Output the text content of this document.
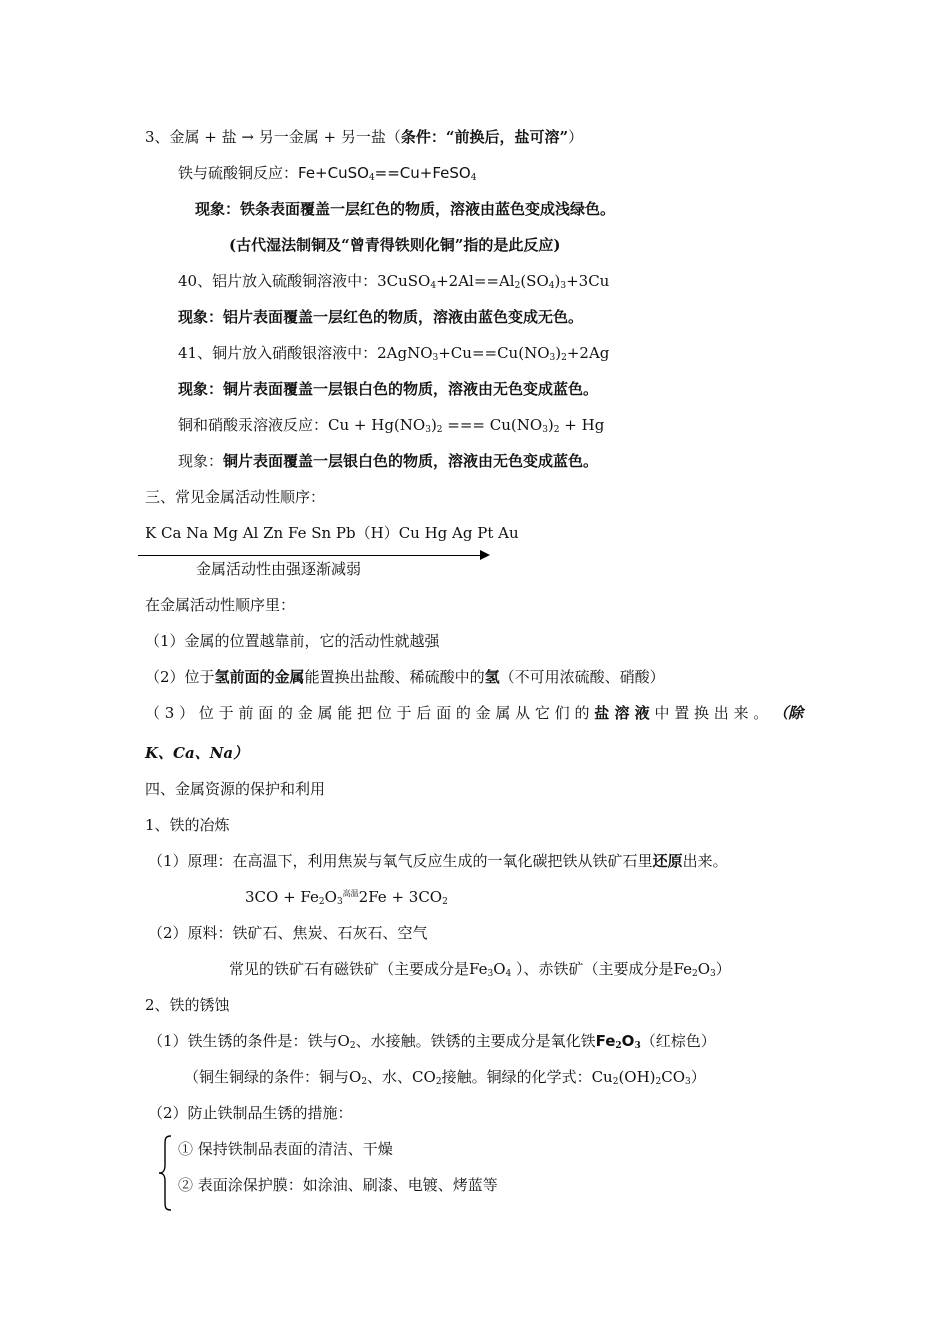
3、金属 + 盐 → 另一金属 + 另一盐（条件：“前换后，盐可溶”）
铁与硫酸铜反应：Fe+CuSO$_4$==Cu+FeSO$_4$
现象：铁条表面覆盖一层红色的物质，溶液由蓝色变成浅绿色。
(古代湿法制铜及“曾青得铁则化铜”指的是此反应)
40、铝片放入硫酸铜溶液中：$3CuSO_4+2Al==Al_2(SO_4)_3+3Cu$
现象：铝片表面覆盖一层红色的物质，溶液由蓝色变成无色。
41、铜片放入硝酸银溶液中：$2AgNO_3+Cu==Cu(NO_3)_2+2Ag$
现象：铜片表面覆盖一层银白色的物质，溶液由无色变成蓝色。
铜和硝酸汞溶液反应：$Cu + Hg(NO_3)_2$ === $Cu(NO_3)_2 + Hg$
现象：铜片表面覆盖一层银白色的物质，溶液由无色变成蓝色。
三、常见金属活动性顺序：
K Ca Na Mg Al Zn Fe Sn Pb（H）Cu Hg Ag Pt Au
金属活动性由强逐渐减弱
在金属活动性顺序里：
（1）金属的位置越靠前，它的活动性就越强
（2）位于氢前面的金属能置换出盐酸、稀硫酸中的氢（不可用浓硫酸、硝酸）
（ 3 ） 位 于 前 面 的 金 属 能 把 位 于 后 面 的 金 属 从 它 们 的 盐 溶 液 中 置 换 出 来 。 （除
K、Ca、Na）
四、金属资源的保护和利用
1、铁的冶炼
（1）原理：在高温下，利用焦炭与氧气反应生成的一氧化碳把铁从铁矿石里还原出来。
$3CO + Fe_2O_3^{高温}2Fe + 3CO_2$
（2）原料：铁矿石、焦炭、石灰石、空气
常见的铁矿石有磁铁矿（主要成分是$Fe_3O_4$ ）、赤铁矿（主要成分是$Fe_2O_3$）
2、铁的锈蚀
（1）铁生锈的条件是：铁与$O_2$、水接触。铁锈的主要成分是氧化铁$Fe_2O_3$（红棕色）
（铜生铜绿的条件：铜与$O_2$、水、$CO_2$接触。铜绿的化学式：$Cu_2(OH)_2CO_3$）
（2）防止铁制品生锈的措施：
① 保持铁制品表面的清洁、干燥
② 表面涂保护膜：如涂油、刷漆、电镀、烤蓝等
